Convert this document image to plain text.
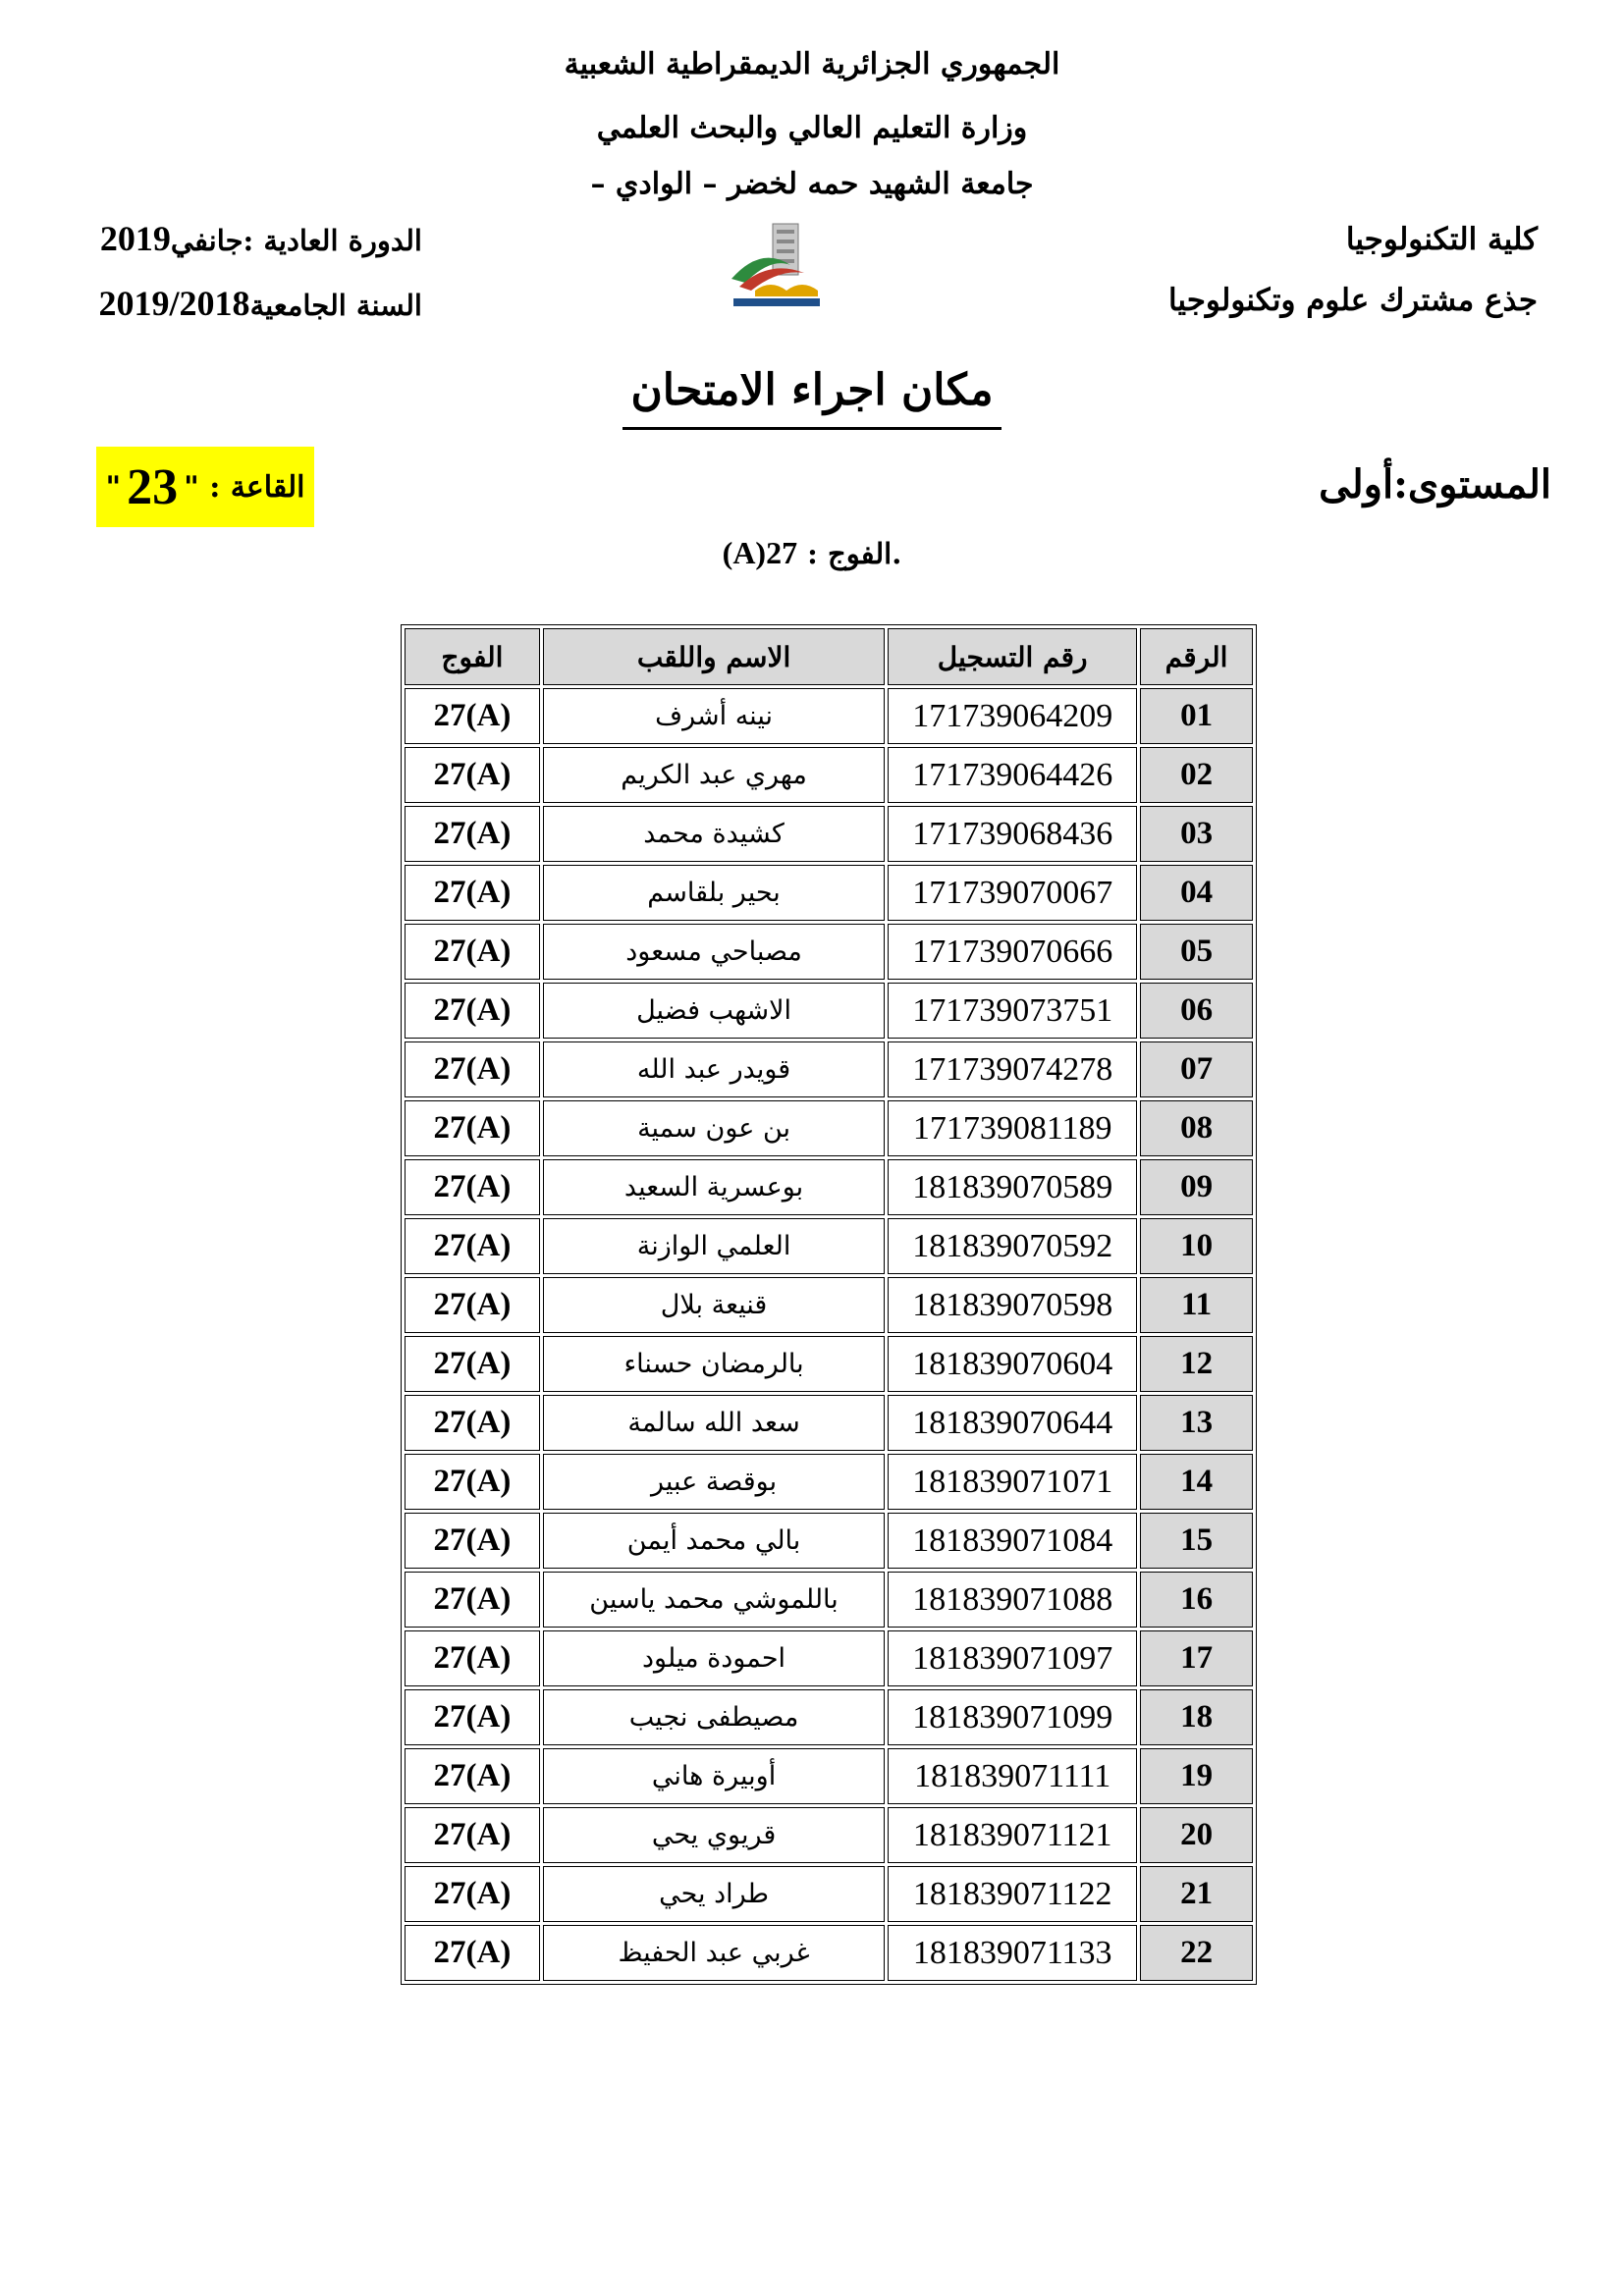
الجمهوري الجزائرية الديمقراطية الشعبية
وزارة التعليم العالي والبحث العلمي
جامعة الشهيد حمه لخضر – الوادي –
كلية التكنولوجيا
جذع مشترك علوم وتكنولوجيا
الدورة العادية :جانفي2019
السنة الجامعية2019/2018
مكان اجراء الامتحان
المستوى:أولى
القاعة : "
23
"
.الفوج : 27(A)
الرقم	رقم التسجيل	الاسم واللقب	الفوج
01	171739064209	نينه أشرف	27(A)
02	171739064426	مهري عبد الكريم	27(A)
03	171739068436	كشيدة محمد	27(A)
04	171739070067	بحير بلقاسم	27(A)
05	171739070666	مصباحي مسعود	27(A)
06	171739073751	الاشهب فضيل	27(A)
07	171739074278	قويدر عبد الله	27(A)
08	171739081189	بن عون سمية	27(A)
09	181839070589	بوعسرية السعيد	27(A)
10	181839070592	العلمي الوازنة	27(A)
11	181839070598	قنيعة بلال	27(A)
12	181839070604	بالرمضان حسناء	27(A)
13	181839070644	سعد الله سالمة	27(A)
14	181839071071	بوقصة عبير	27(A)
15	181839071084	بالي محمد أيمن	27(A)
16	181839071088	باللموشي محمد ياسين	27(A)
17	181839071097	احمودة ميلود	27(A)
18	181839071099	مصيطفى نجيب	27(A)
19	181839071111	أوبيرة هاني	27(A)
20	181839071121	قريوي يحي	27(A)
21	181839071122	طراد يحي	27(A)
22	181839071133	غربي عبد الحفيظ	27(A)
